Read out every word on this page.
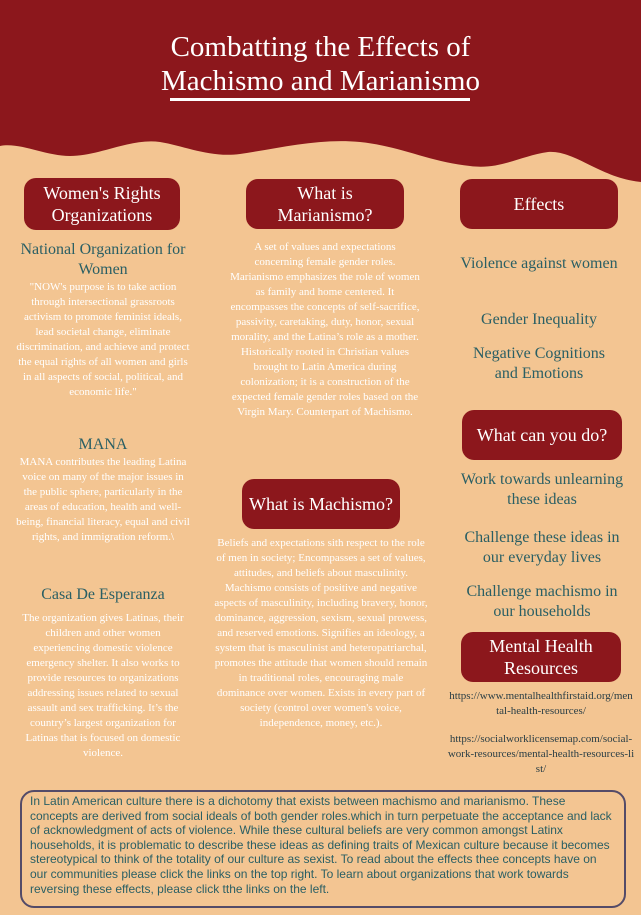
Combatting the Effects of
Machismo and Marianismo
Women's Rights Organizations
National Organization for Women
"NOW's purpose is to take action through intersectional grassroots activism to promote feminist ideals, lead societal change, eliminate discrimination, and achieve and protect the equal rights of all women and girls in all aspects of social, political, and economic life."
MANA
MANA contributes the leading Latina voice on many of the major issues in the public sphere, particularly in the areas of education, health and well-being, financial literacy, equal and civil rights, and immigration reform.\
Casa De Esperanza
The organization gives Latinas, their children and other women experiencing domestic violence emergency shelter. It also works to provide resources to organizations addressing issues related to sexual assault and sex trafficking. It’s the country’s largest organization for Latinas that is focused on domestic violence.
What is Marianismo?
A set of values and expectations concerning female gender roles. Marianismo emphasizes the role of women as family and home centered. It encompasses the concepts of self-sacrifice, passivity, caretaking, duty, honor, sexual morality, and the Latina’s role as a mother. Historically rooted in Christian values brought to Latin America during colonization; it is a construction of the expected female gender roles based on the Virgin Mary. Counterpart of Machismo.
What is Machismo?
Beliefs and expectations sith respect to the role of men in society; Encompasses a set of values, attitudes, and beliefs about masculinity. Machismo consists of positive and negative aspects of masculinity, including bravery, honor, dominance, aggression, sexism, sexual prowess, and reserved emotions. Signifies an ideology, a system that is masculinist and heteropatriarchal, promotes the attitude that women should remain in traditional roles, encouraging male dominance over women. Exists in every part of society (control over women's voice, independence, money, etc.).
Effects
Violence against women
Gender Inequality
Negative Cognitions and Emotions
What can you do?
Work towards unlearning these ideas
Challenge these ideas in our everyday lives
Challenge machismo in our households
Mental Health Resources
https://www.mentalhealthfirstaid.org/mental-health-resources/
https://socialworklicensemap.com/social-work-resources/mental-health-resources-list/
In Latin American culture there is a dichotomy that exists between machismo and marianismo. These concepts are derived from social ideals of both gender roles.which in turn perpetuate the acceptance and lack of acknowledgment of acts of violence. While these cultural beliefs are very common amongst Latinx households, it is problematic to describe these ideas as defining traits of Mexican culture because it becomes stereotypical to think of the totality of our culture as sexist. To read about the effects thee concepts have on our communities please click the links on the top right. To learn about organizations that work towards reversing these effects, please click tthe links on the left.
